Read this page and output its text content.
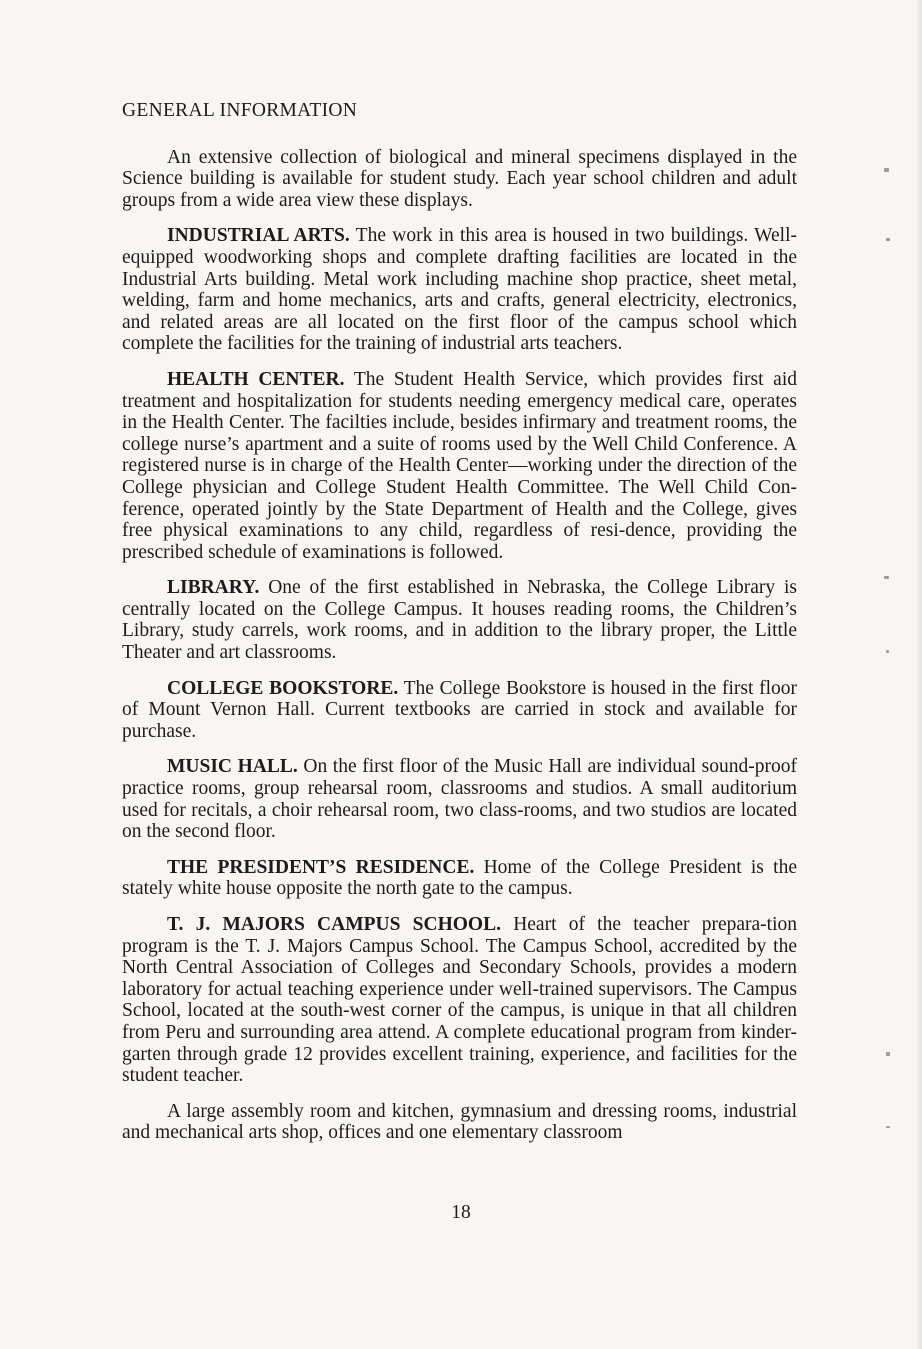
GENERAL INFORMATION

An extensive collection of biological and mineral specimens displayed in the Science building is available for student study. Each year school children and adult groups from a wide area view these displays.

INDUSTRIAL ARTS. The work in this area is housed in two buildings. Well-equipped woodworking shops and complete drafting facilities are located in the Industrial Arts building. Metal work including machine shop practice, sheet metal, welding, farm and home mechanics, arts and crafts, general electricity, electronics, and related areas are all located on the first floor of the campus school which complete the facilities for the training of industrial arts teachers.

HEALTH CENTER. The Student Health Service, which provides first aid treatment and hospitalization for students needing emergency medical care, operates in the Health Center. The facilties include, besides infirmary and treatment rooms, the college nurse’s apartment and a suite of rooms used by the Well Child Conference. A registered nurse is in charge of the Health Center—working under the direction of the College physician and College Student Health Committee. The Well Child Con-ference, operated jointly by the State Department of Health and the College, gives free physical examinations to any child, regardless of resi-dence, providing the prescribed schedule of examinations is followed.

LIBRARY. One of the first established in Nebraska, the College Library is centrally located on the College Campus. It houses reading rooms, the Children’s Library, study carrels, work rooms, and in addition to the library proper, the Little Theater and art classrooms.

COLLEGE BOOKSTORE. The College Bookstore is housed in the first floor of Mount Vernon Hall. Current textbooks are carried in stock and available for purchase.

MUSIC HALL. On the first floor of the Music Hall are individual sound-proof practice rooms, group rehearsal room, classrooms and studios. A small auditorium used for recitals, a choir rehearsal room, two class-rooms, and two studios are located on the second floor.

THE PRESIDENT’S RESIDENCE. Home of the College President is the stately white house opposite the north gate to the campus.

T. J. MAJORS CAMPUS SCHOOL. Heart of the teacher prepara-tion program is the T. J. Majors Campus School. The Campus School, accredited by the North Central Association of Colleges and Secondary Schools, provides a modern laboratory for actual teaching experience under well-trained supervisors. The Campus School, located at the south-west corner of the campus, is unique in that all children from Peru and surrounding area attend. A complete educational program from kinder-garten through grade 12 provides excellent training, experience, and facilities for the student teacher.

A large assembly room and kitchen, gymnasium and dressing rooms, industrial and mechanical arts shop, offices and one elementary classroom

18
